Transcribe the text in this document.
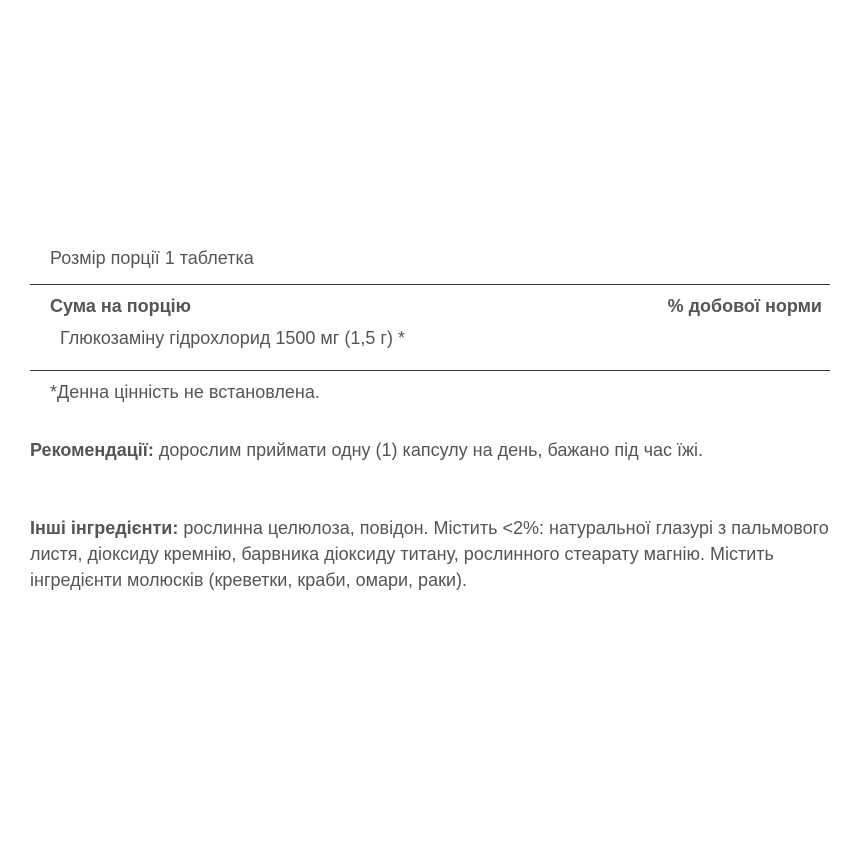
Розмір порції 1 таблетка
Сума на порцію	% добової норми
Глюкозаміну гідрохлорид 1500 мг (1,5 г) *
*Денна цінність не встановлена.
Рекомендації: дорослим приймати одну (1) капсулу на день, бажано під час їжі.
Інші інгредієнти: рослинна целюлоза, повідон. Містить <2%: натуральної глазурі з пальмового листя, діоксиду кремнію, барвника діоксиду титану, рослинного стеарату магнію. Містить інгредієнти молюсків (креветки, краби, омари, раки).
